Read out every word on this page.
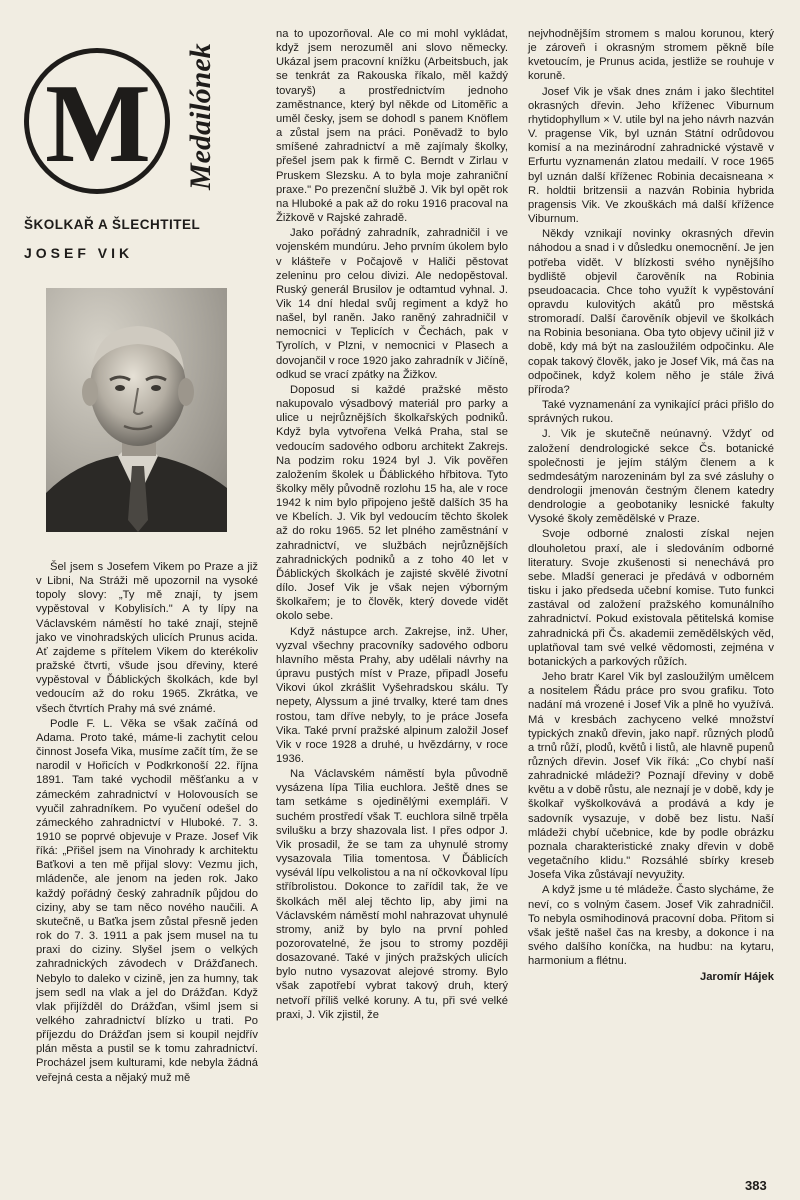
M Medailónek
ŠKOLKAŘ A ŠLECHTITEL
JOSEF VIK

Šel jsem s Josefem Vikem po Praze a již v Libni, Na Stráži mě upozornil na vysoké topoly slovy: „Ty mě znají, ty jsem vypěstoval v Kobylisích." A ty lípy na Václavském náměstí ho také znají, stejně jako ve vinohradských ulicích Prunus acida. Ať zajdeme s přítelem Vikem do kterékoliv pražské čtvrti, všude jsou dřeviny, které vypěstoval v Ďáblických školkách, kde byl vedoucím až do roku 1965. Zkrátka, ve všech čtvrtích Prahy má své známé.

Podle F. L. Věka se však začíná od Adama. Proto také, máme-li zachytit celou činnost Josefa Vika, musíme začít tím, že se narodil v Hořicích v Podkrkonoší 22. října 1891. Tam také vychodil měšťanku a v zámeckém zahradnictví v Holovousích se vyučil zahradníkem. Po vyučení odešel do zámeckého zahradnictví v Hluboké. 7. 3. 1910 se poprvé objevuje v Praze. Josef Vik říká: „Přišel jsem na Vinohrady k architektu Baťkovi a ten mě přijal slovy: Vezmu jich, mládenče, ale jenom na jeden rok. Jako každý pořádný český zahradník půjdou do ciziny, aby se tam něco nového naučili. A skutečně, u Baťka jsem zůstal přesně jeden rok do 7. 3. 1911 a pak jsem musel na tu praxi do ciziny. Slyšel jsem o velkých zahradnických závodech v Drážďanech. Nebylo to daleko v cizině, jen za humny, tak jsem sedl na vlak a jel do Drážďan. Když vlak přijížděl do Drážďan, všiml jsem si velkého zahradnictví blízko u trati. Po příjezdu do Drážďan jsem si koupil nejdřív plán města a pustil se k tomu zahradnictví. Procházel jsem kulturami, kde nebyla žádná veřejná cesta a nějaký muž mě

na to upozorňoval. Ale co mi mohl vykládat, když jsem nerozuměl ani slovo německy. Ukázal jsem pracovní knížku (Arbeitsbuch, jak se tenkrát za Rakouska říkalo, měl každý tovaryš) a prostřednictvím jednoho zaměstnance, který byl někde od Litoměřic a uměl česky, jsem se dohodl s panem Knöflem a zůstal jsem na práci. Poněvadž to bylo smíšené zahradnictví a mě zajímaly školky, přešel jsem pak k firmě C. Berndt v Zirlau v Pruskem Slezsku. A to byla moje zahraniční praxe." Po prezenční službě J. Vik byl opět rok na Hluboké a pak až do roku 1916 pracoval na Žižkově v Rajské zahradě.

Jako pořádný zahradník, zahradničil i ve vojenském mundúru. Jeho prvním úkolem bylo v klášteře v Počajově v Haliči pěstovat zeleninu pro celou divizi. Ale nedopěstoval. Ruský generál Brusilov je odtamtud vyhnal. J. Vik 14 dní hledal svůj regiment a když ho našel, byl raněn. Jako raněný zahradničil v nemocnici v Teplicích v Čechách, pak v Tyrolích, v Plzni, v nemocnici v Plasech a dovojančil v roce 1920 jako zahradník v Jičíně, odkud se vrací zpátky na Žižkov.

Doposud si každé pražské město nakupovalo výsadbový materiál pro parky a ulice u nejrůznějších školkařských podniků. Když byla vytvořena Velká Praha, stal se vedoucím sadového odboru architekt Zakrejs. Na podzim roku 1924 byl J. Vik pověřen založením školek u Ďáblického hřbitova. Tyto školky měly původně rozlohu 15 ha, ale v roce 1942 k nim bylo připojeno ještě dalších 35 ha ve Kbelích. J. Vik byl vedoucím těchto školek až do roku 1965. 52 let plného zaměstnání v zahradnictví, ve službách nejrůznějších zahradnických podniků a z toho 40 let v Ďáblických školkách je zajisté skvělé životní dílo. Josef Vik je však nejen výborným školkařem; je to člověk, který dovede vidět okolo sebe.

Když nástupce arch. Zakrejse, inž. Uher, vyzval všechny pracovníky sadového odboru hlavního města Prahy, aby udělali návrhy na úpravu pustých míst v Praze, připadl Josefu Vikovi úkol zkrášlit Vyšehradskou skálu. Ty nepety, Alyssum a jiné trvalky, které tam dnes rostou, tam dříve nebyly, to je práce Josefa Vika. Také první pražské alpinum založil Josef Vik v roce 1928 a druhé, u hvězdárny, v roce 1936.

Na Václavském náměstí byla původně vysázena lípa Tilia euchlora. Ještě dnes se tam setkáme s ojedinělými exempláři. V suchém prostředí však T. euchlora silně trpěla svilušku a brzy shazovala list. I přes odpor J. Vik prosadil, že se tam za uhynulé stromy vysazovala Tilia tomentosa. V Ďáblicích vysévál lípu velkolistou a na ní očkovkoval lípu stříbrolistou. Dokonce to zařídil tak, že ve školkách měl alej těchto lip, aby jimi na Václavském náměstí mohl nahrazovat uhynulé stromy, aniž by bylo na první pohled pozorovatelné, že jsou to stromy později dosazované. Také v jiných pražských ulicích bylo nutno vysazovat alejové stromy. Bylo však zapotřebí vybrat takový druh, který netvoří příliš velké koruny. A tu, při své velké praxi, J. Vik zjistil, že

nejvhodnějším stromem s malou korunou, který je zároveň i okrasným stromem pěkně bíle kvetoucím, je Prunus acida, jestliže se rouhuje v koruně.

Josef Vik je však dnes znám i jako šlechtitel okrasných dřevin. Jeho kříženec Viburnum rhytidophyllum × V. utile byl na jeho návrh nazván V. pragense Vik, byl uznán Státní odrůdovou komisí a na mezinárodní zahradnické výstavě v Erfurtu vyznamenán zlatou medailí. V roce 1965 byl uznán další kříženec Robinia decaisneana × R. holdtii britzensii a nazván Robinia hybrida pragensis Vik. Ve zkouškách má další křížence Viburnum.

Někdy vznikají novinky okrasných dřevin náhodou a snad i v důsledku onemocnění. Je jen potřeba vidět. V blízkosti svého nynějšího bydliště objevil čarověník na Robinia pseudoacacia. Chce toho využít k vypěstování opravdu kulovitých akátů pro městská stromoradí. Další čarověník objevil ve školkách na Robinia besoniana. Oba tyto objevy učinil již v době, kdy má být na zasloužilém odpočinku. Ale copak takový člověk, jako je Josef Vik, má čas na odpočinek, když kolem něho je stále živá příroda?

Také vyznamenání za vynikající práci přišlo do správných rukou.

J. Vik je skutečně neúnavný. Vždyť od založení dendrologické sekce Čs. botanické společnosti je jejím stálým členem a k sedmdesátým narozeninám byl za své zásluhy o dendrologii jmenován čestným členem katedry dendrologie a geobotaniky lesnické fakulty Vysoké školy zemědělské v Praze.

Svoje odborné znalosti získal nejen dlouholetou praxí, ale i sledováním odborné literatury. Svoje zkušenosti si nenechává pro sebe. Mladší generaci je předává v odborném tisku i jako předseda učební komise. Tuto funkci zastával od založení pražského komunálního zahradnictví. Pokud existovala pětitelská komise zahradnická při Čs. akademii zemědělských věd, uplatňoval tam své velké vědomosti, zejména v botanických a parkových růžích.

Jeho bratr Karel Vik byl zasloužilým umělcem a nositelem Řádu práce pro svou grafiku. Toto nadání má vrozené i Josef Vik a plně ho využívá. Má v kresbách zachyceno velké množství typických znaků dřevin, jako např. různých plodů a trnů růží, plodů, květů i listů, ale hlavně pupenů různých dřevin. Josef Vik říká: „Co chybí naší zahradnické mládeži? Poznají dřeviny v době květu a v době růstu, ale neznají je v době, kdy je školkař vyškolkovává a prodává a kdy je sadovník vysazuje, v době bez listu. Naší mládeži chybí učebnice, kde by podle obrázku poznala charakteristické znaky dřevin v době vegetačního klidu." Rozsáhlé sbírky kreseb Josefa Vika zůstávají nevyužity.

A když jsme u té mládeže. Často slycháme, že neví, co s volným časem. Josef Vik zahradničil. To nebyla osmihodinová pracovní doba. Přitom si však ještě našel čas na kresby, a dokonce i na svého dalšího koníčka, na hudbu: na kytaru, harmonium a flétnu.

Jaromír Hájek
383
